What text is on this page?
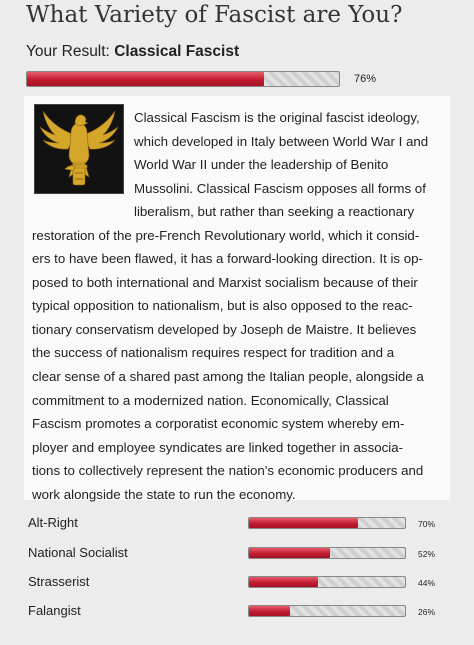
What Variety of Fascist are You?
Your Result: Classical Fascist
76%

Classical Fascism is the original fascist ideology,
which developed in Italy between World War I and
World War II under the leadership of Benito
Mussolini. Classical Fascism opposes all forms of
liberalism, but rather than seeking a reactionary
restoration of the pre-French Revolutionary world, which it consid-
ers to have been flawed, it has a forward-looking direction. It is op-
posed to both international and Marxist socialism because of their
typical opposition to nationalism, but is also opposed to the reac-
tionary conservatism developed by Joseph de Maistre. It believes
the success of nationalism requires respect for tradition and a
clear sense of a shared past among the Italian people, alongside a
commitment to a modernized nation. Economically, Classical
Fascism promotes a corporatist economic system whereby em-
ployer and employee syndicates are linked together in associa-
tions to collectively represent the nation's economic producers and
work alongside the state to run the economy.

Alt-Right	70%
National Socialist	52%
Strasserist	44%
Falangist	26%
